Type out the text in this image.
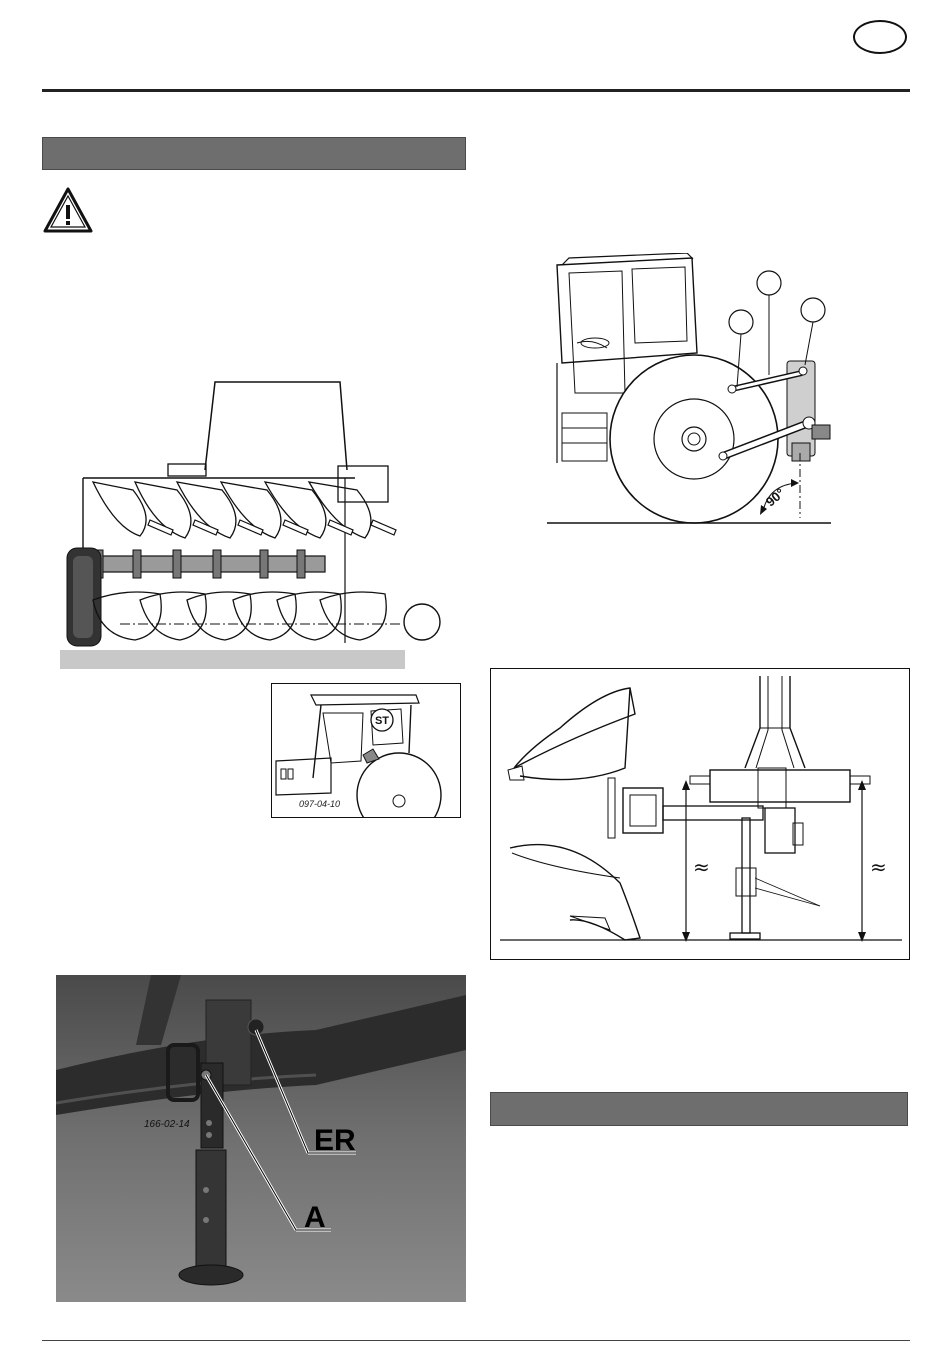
ST
097-04-10
166-02-14	ER
A
90°
≈	≈
